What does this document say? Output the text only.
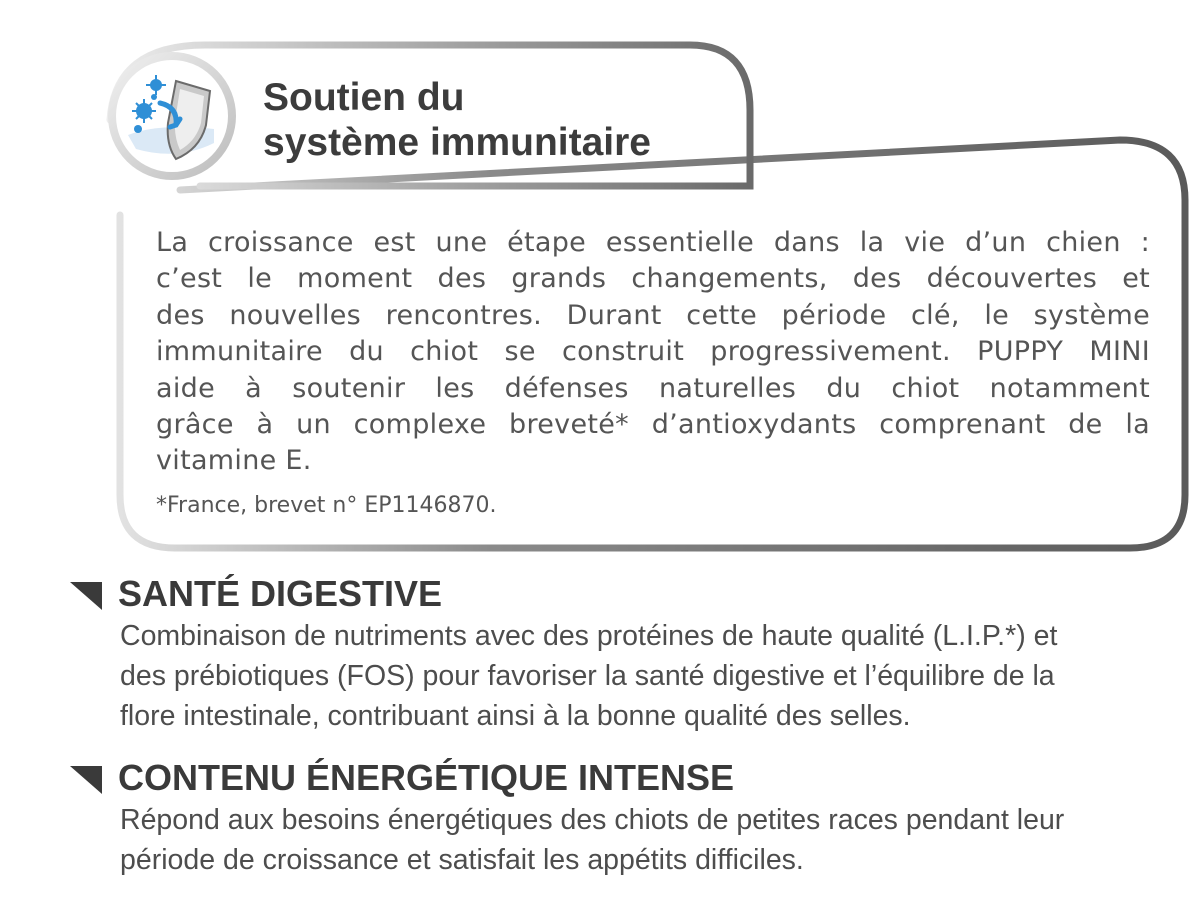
Soutien du
système immunitaire

La croissance est une étape essentielle dans la vie d’un chien :
c’est le moment des grands changements, des découvertes et
des nouvelles rencontres. Durant cette période clé, le système
immunitaire du chiot se construit progressivement. PUPPY MINI
aide à soutenir les défenses naturelles du chiot notamment
grâce à un complexe breveté* d’antioxydants comprenant de la
vitamine E.

*France, brevet n° EP1146870.

SANTÉ DIGESTIVE

Combinaison de nutriments avec des protéines de haute qualité (L.I.P.*) et
des prébiotiques (FOS) pour favoriser la santé digestive et l’équilibre de la
flore intestinale, contribuant ainsi à la bonne qualité des selles.

CONTENU ÉNERGÉTIQUE INTENSE

Répond aux besoins énergétiques des chiots de petites races pendant leur
période de croissance et satisfait les appétits difficiles.
